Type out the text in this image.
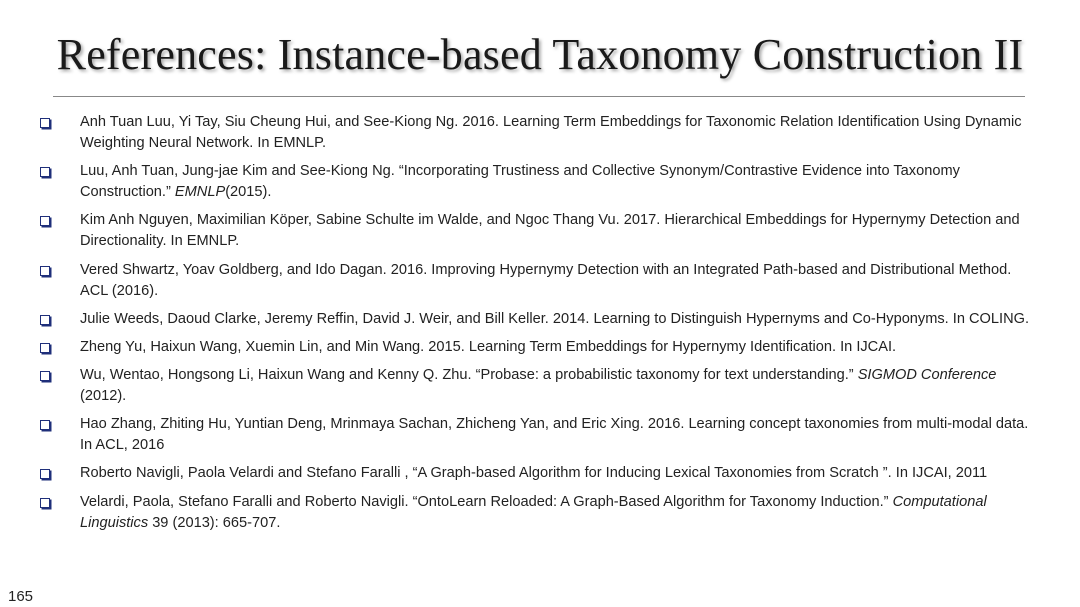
References: Instance-based Taxonomy Construction II
Anh Tuan Luu, Yi Tay, Siu Cheung Hui, and See-Kiong Ng. 2016. Learning Term Embeddings for Taxonomic Relation Identification Using Dynamic Weighting Neural Network. In EMNLP.
Luu, Anh Tuan, Jung-jae Kim and See-Kiong Ng. “Incorporating Trustiness and Collective Synonym/Contrastive Evidence into Taxonomy Construction.” EMNLP(2015).
Kim Anh Nguyen, Maximilian Köper, Sabine Schulte im Walde, and Ngoc Thang Vu. 2017. Hierarchical Embeddings for Hypernymy Detection and Directionality. In EMNLP.
Vered Shwartz, Yoav Goldberg, and Ido Dagan. 2016. Improving Hypernymy Detection with an Integrated Path-based and Distributional Method. ACL (2016).
Julie Weeds, Daoud Clarke, Jeremy Reffin, David J. Weir, and Bill Keller. 2014. Learning to Distinguish Hypernyms and Co-Hyponyms. In COLING.
Zheng Yu, Haixun Wang, Xuemin Lin, and Min Wang. 2015. Learning Term Embeddings for Hypernymy Identification. In IJCAI.
Wu, Wentao, Hongsong Li, Haixun Wang and Kenny Q. Zhu. “Probase: a probabilistic taxonomy for text understanding.” SIGMOD Conference (2012).
Hao Zhang, Zhiting Hu, Yuntian Deng, Mrinmaya Sachan, Zhicheng Yan, and Eric Xing. 2016. Learning concept taxonomies from multi-modal data. In ACL, 2016
Roberto Navigli, Paola Velardi and Stefano Faralli , “A Graph-based Algorithm for Inducing Lexical Taxonomies from Scratch ”. In IJCAI, 2011
Velardi, Paola, Stefano Faralli and Roberto Navigli. “OntoLearn Reloaded: A Graph-Based Algorithm for Taxonomy Induction.” Computational Linguistics 39 (2013): 665-707.
165
